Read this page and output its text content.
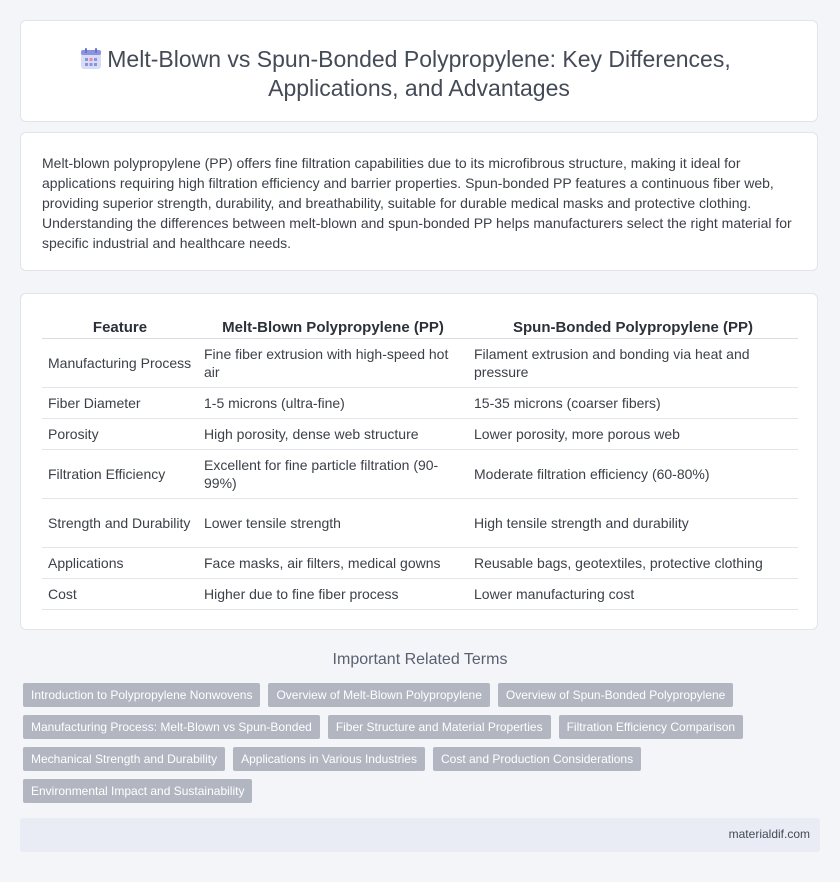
Melt-Blown vs Spun-Bonded Polypropylene: Key Differences,
Applications, and Advantages
Melt-blown polypropylene (PP) offers fine filtration capabilities due to its microfibrous structure, making it ideal for applications requiring high filtration efficiency and barrier properties. Spun-bonded PP features a continuous fiber web, providing superior strength, durability, and breathability, suitable for durable medical masks and protective clothing. Understanding the differences between melt-blown and spun-bonded PP helps manufacturers select the right material for specific industrial and healthcare needs.
Feature	Melt-Blown Polypropylene (PP)	Spun-Bonded Polypropylene (PP)
Manufacturing Process	Fine fiber extrusion with high-speed hot air	Filament extrusion and bonding via heat and pressure
Fiber Diameter	1-5 microns (ultra-fine)	15-35 microns (coarser fibers)
Porosity	High porosity, dense web structure	Lower porosity, more porous web
Filtration Efficiency	Excellent for fine particle filtration (90-99%)	Moderate filtration efficiency (60-80%)
Strength and Durability	Lower tensile strength	High tensile strength and durability
Applications	Face masks, air filters, medical gowns	Reusable bags, geotextiles, protective clothing
Cost	Higher due to fine fiber process	Lower manufacturing cost
Important Related Terms
Introduction to Polypropylene Nonwovens	Overview of Melt-Blown Polypropylene	Overview of Spun-Bonded Polypropylene
Manufacturing Process: Melt-Blown vs Spun-Bonded	Fiber Structure and Material Properties	Filtration Efficiency Comparison
Mechanical Strength and Durability	Applications in Various Industries	Cost and Production Considerations
Environmental Impact and Sustainability
materialdif.com
